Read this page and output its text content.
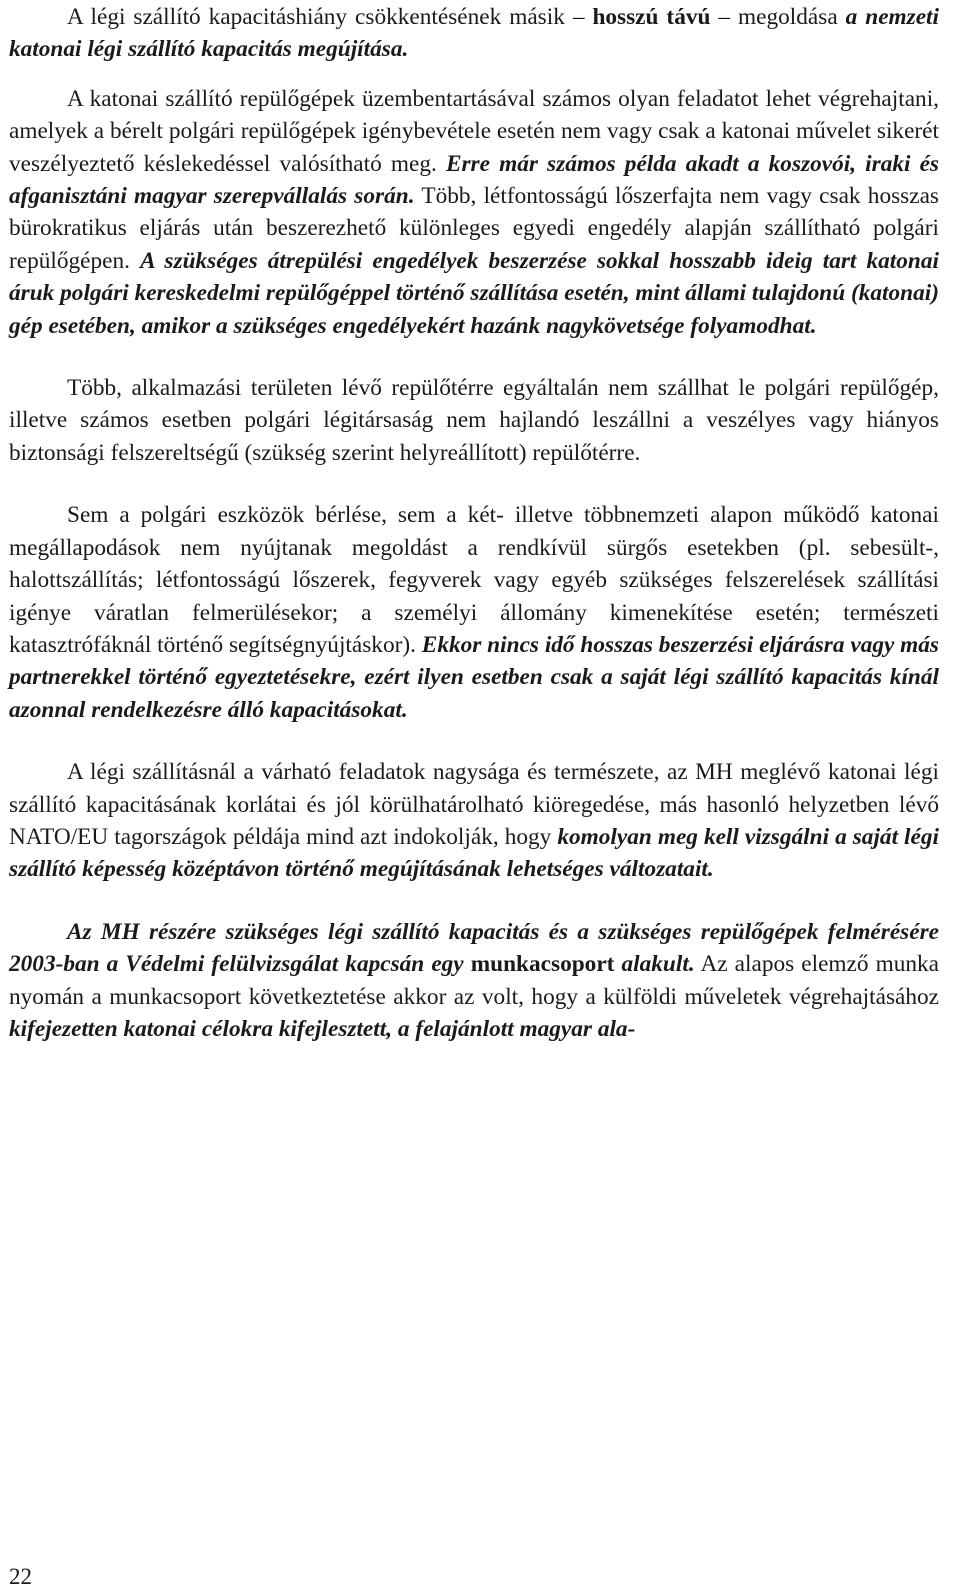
A légi szállító kapacitáshiány csökkentésének másik – hosszú távú – megoldása a nemzeti katonai légi szállító kapacitás megújítása.

A katonai szállító repülőgépek üzembentartásával számos olyan feladatot lehet végrehajtani, amelyek a bérelt polgári repülőgépek igénybevétele esetén nem vagy csak a katonai művelet sikerét veszélyeztető késlekedéssel valósítható meg. Erre már számos példa akadt a koszovói, iraki és afganisztáni magyar szerepvállalás során. Több, létfontosságú lőszerfajta nem vagy csak hosszas bürokratikus eljárás után beszerezhető különleges egyedi engedély alapján szállítható polgári repülőgépen. A szükséges átrepülési engedélyek beszerzése sokkal hosszabb ideig tart katonai áruk polgári kereskedelmi repülőgéppel történő szállítása esetén, mint állami tulajdonú (katonai) gép esetében, amikor a szükséges engedélyekért hazánk nagykövetsége folyamodhat.

Több, alkalmazási területen lévő repülőtérre egyáltalán nem szállhat le polgári repülőgép, illetve számos esetben polgári légitársaság nem hajlandó leszállni a veszélyes vagy hiányos biztonsági felszereltségű (szükség szerint helyreállított) repülőtérre.

Sem a polgári eszközök bérlése, sem a két- illetve többnemzeti alapon működő katonai megállapodások nem nyújtanak megoldást a rendkívül sürgős esetekben (pl. sebesült-, halottszállítás; létfontosságú lőszerek, fegyverek vagy egyéb szükséges felszerelések szállítási igénye váratlan felmerülésekor; a személyi állomány kimenekítése esetén; természeti katasztrófáknál történő segítségnyújtáskor). Ekkor nincs idő hosszas beszerzési eljárásra vagy más partnerekkel történő egyeztetésekre, ezért ilyen esetben csak a saját légi szállító kapacitás kínál azonnal rendelkezésre álló kapacitásokat.

A légi szállításnál a várható feladatok nagysága és természete, az MH meglévő katonai légi szállító kapacitásának korlátai és jól körülhatárolható kiöregedése, más hasonló helyzetben lévő NATO/EU tagországok példája mind azt indokolják, hogy komolyan meg kell vizsgálni a saját légi szállító képesség középtávon történő megújításának lehetséges változatait.

Az MH részére szükséges légi szállító kapacitás és a szükséges repülőgépek felmérésére 2003-ban a Védelmi felülvizsgálat kapcsán egy munkacsoport alakult. Az alapos elemző munka nyomán a munkacsoport következtetése akkor az volt, hogy a külföldi műveletek végrehajtásához kifejezetten katonai célokra kifejlesztett, a felajánlott magyar ala-

22
